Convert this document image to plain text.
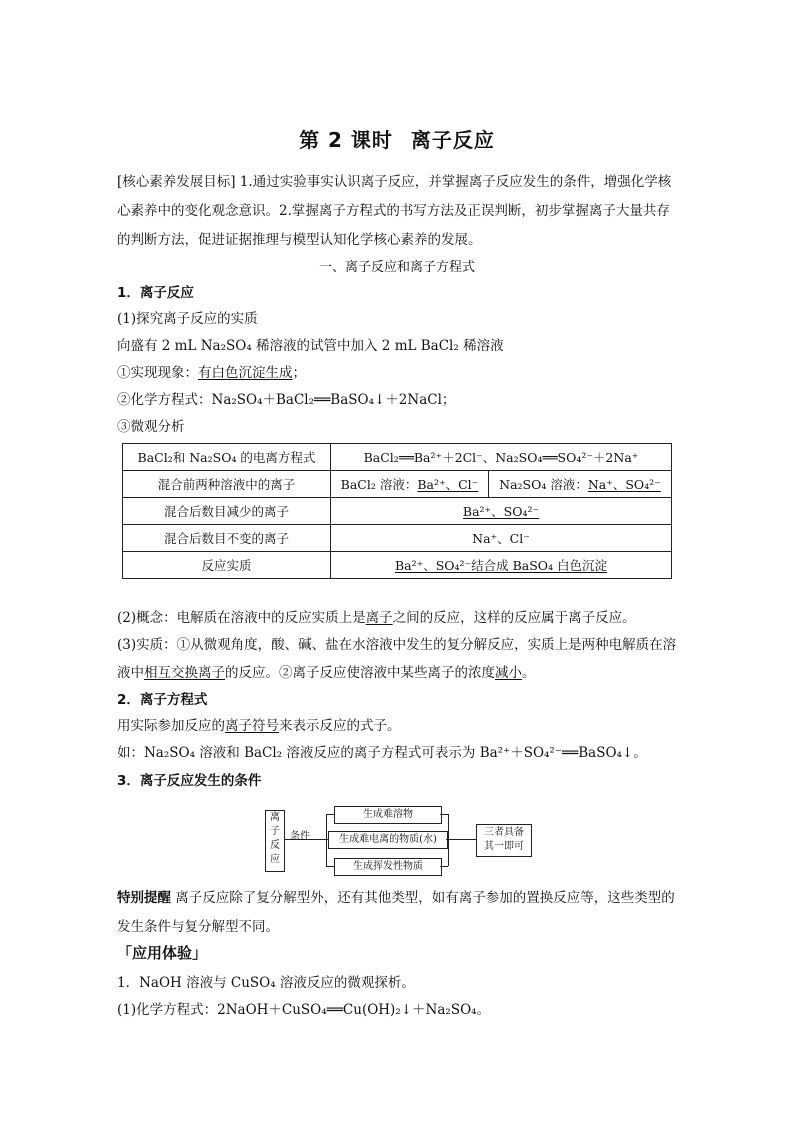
第 2 课时 离子反应
[核心素养发展目标] 1.通过实验事实认识离子反应，并掌握离子反应发生的条件，增强化学核心素养中的变化观念意识。2.掌握离子方程式的书写方法及正误判断，初步掌握离子大量共存的判断方法，促进证据推理与模型认知化学核心素养的发展。
一、离子反应和离子方程式
1．离子反应
(1)探究离子反应的实质
向盛有 2 mL Na₂SO₄ 稀溶液的试管中加入 2 mL BaCl₂ 稀溶液
①实现现象：有白色沉淀生成；
②化学方程式：Na₂SO₄＋BaCl₂══BaSO₄↓＋2NaCl；
③微观分析
BaCl₂和 Na₂SO₄ 的电离方程式	BaCl₂══Ba²⁺＋2Cl⁻、Na₂SO₄══SO₄²⁻＋2Na⁺	
混合前两种溶液中的离子	BaCl₂ 溶液：Ba²⁺、Cl⁻	Na₂SO₄ 溶液：Na⁺、SO₄²⁻
混合后数目减少的离子	Ba²⁺、SO₄²⁻	
混合后数目不变的离子	Na⁺、Cl⁻	
反应实质	Ba²⁺、SO₄²⁻结合成 BaSO₄ 白色沉淀	
(2)概念：电解质在溶液中的反应实质上是离子之间的反应，这样的反应属于离子反应。
(3)实质：①从微观角度，酸、碱、盐在水溶液中发生的复分解反应，实质上是两种电解质在溶液中相互交换离子的反应。②离子反应使溶液中某些离子的浓度减小。
2．离子方程式
用实际参加反应的离子符号来表示反应的式子。
如：Na₂SO₄ 溶液和 BaCl₂ 溶液反应的离子方程式可表示为 Ba²⁺＋SO₄²⁻══BaSO₄↓。
3．离子反应发生的条件
离子反应
条件
生成难溶物
生成难电离的物质(水)
生成挥发性物质
三者具备
其一即可
特别提醒 离子反应除了复分解型外，还有其他类型，如有离子参加的置换反应等，这些类型的发生条件与复分解型不同。
「应用体验」
1．NaOH 溶液与 CuSO₄ 溶液反应的微观探析。
(1)化学方程式：2NaOH＋CuSO₄══Cu(OH)₂↓＋Na₂SO₄。
